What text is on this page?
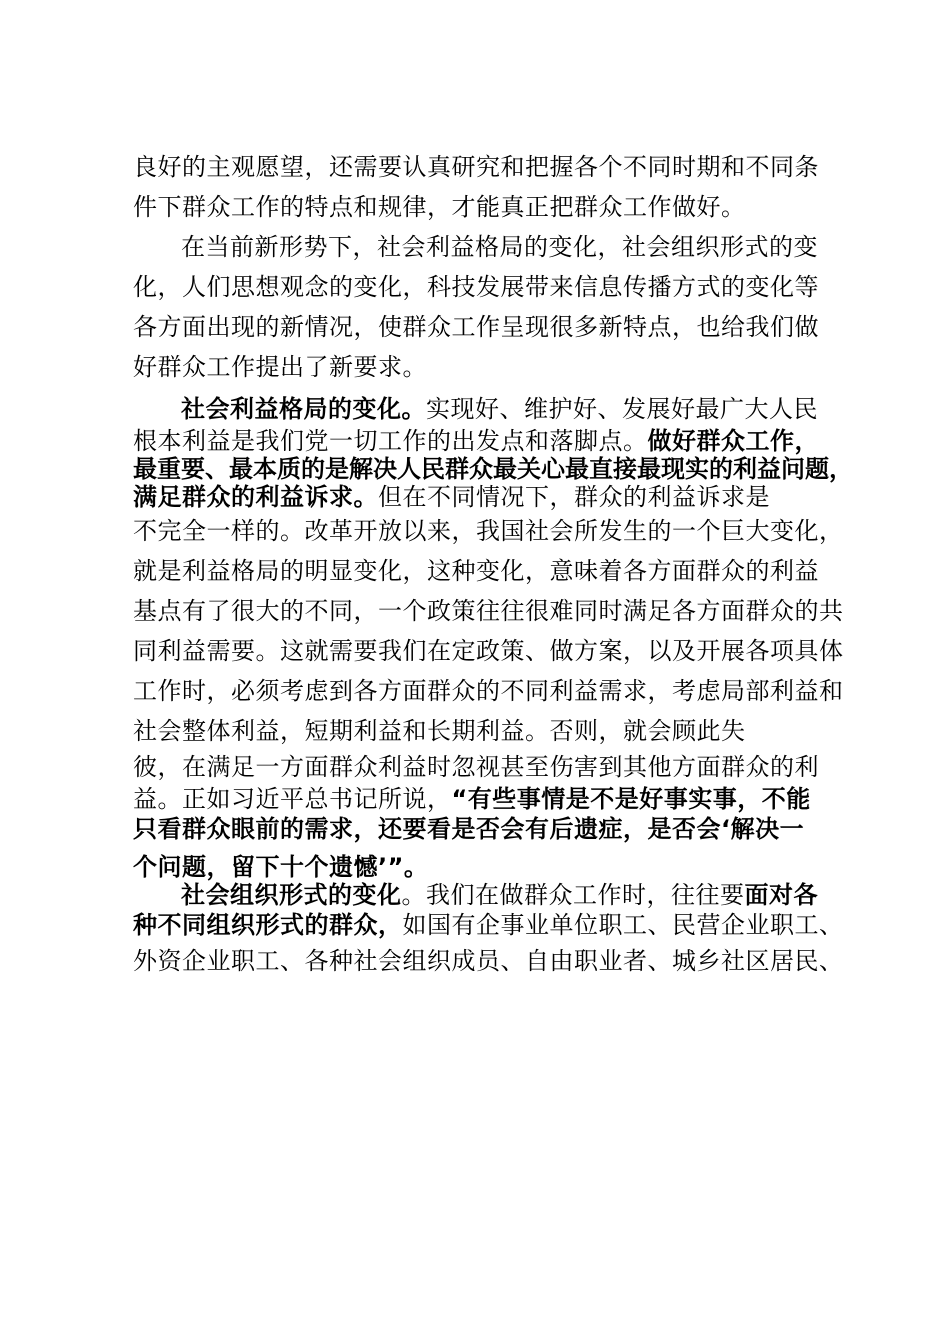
良好的主观愿望，还需要认真研究和把握各个不同时期和不同条
件下群众工作的特点和规律，才能真正把群众工作做好。
在当前新形势下，社会利益格局的变化，社会组织形式的变
化，人们思想观念的变化，科技发展带来信息传播方式的变化等
各方面出现的新情况，使群众工作呈现很多新特点，也给我们做
好群众工作提出了新要求。
社会利益格局的变化。实现好、维护好、发展好最广大人民
根本利益是我们党一切工作的出发点和落脚点。做好群众工作，
最重要、最本质的是解决人民群众最关心最直接最现实的利益问题，
满足群众的利益诉求。但在不同情况下，群众的利益诉求是
不完全一样的。改革开放以来，我国社会所发生的一个巨大变化，
就是利益格局的明显变化，这种变化，意味着各方面群众的利益
基点有了很大的不同，一个政策往往很难同时满足各方面群众的共
同利益需要。这就需要我们在定政策、做方案，以及开展各项具体
工作时，必须考虑到各方面群众的不同利益需求，考虑局部利益和
社会整体利益，短期利益和长期利益。否则，就会顾此失
彼，在满足一方面群众利益时忽视甚至伤害到其他方面群众的利
益。正如习近平总书记所说，“有些事情是不是好事实事，不能
只看群众眼前的需求，还要看是否会有后遗症，是否会‘解决一
个问题，留下十个遗憾’”。
社会组织形式的变化。我们在做群众工作时，往往要面对各
种不同组织形式的群众，如国有企事业单位职工、民营企业职工、
外资企业职工、各种社会组织成员、自由职业者、城乡社区居民、
